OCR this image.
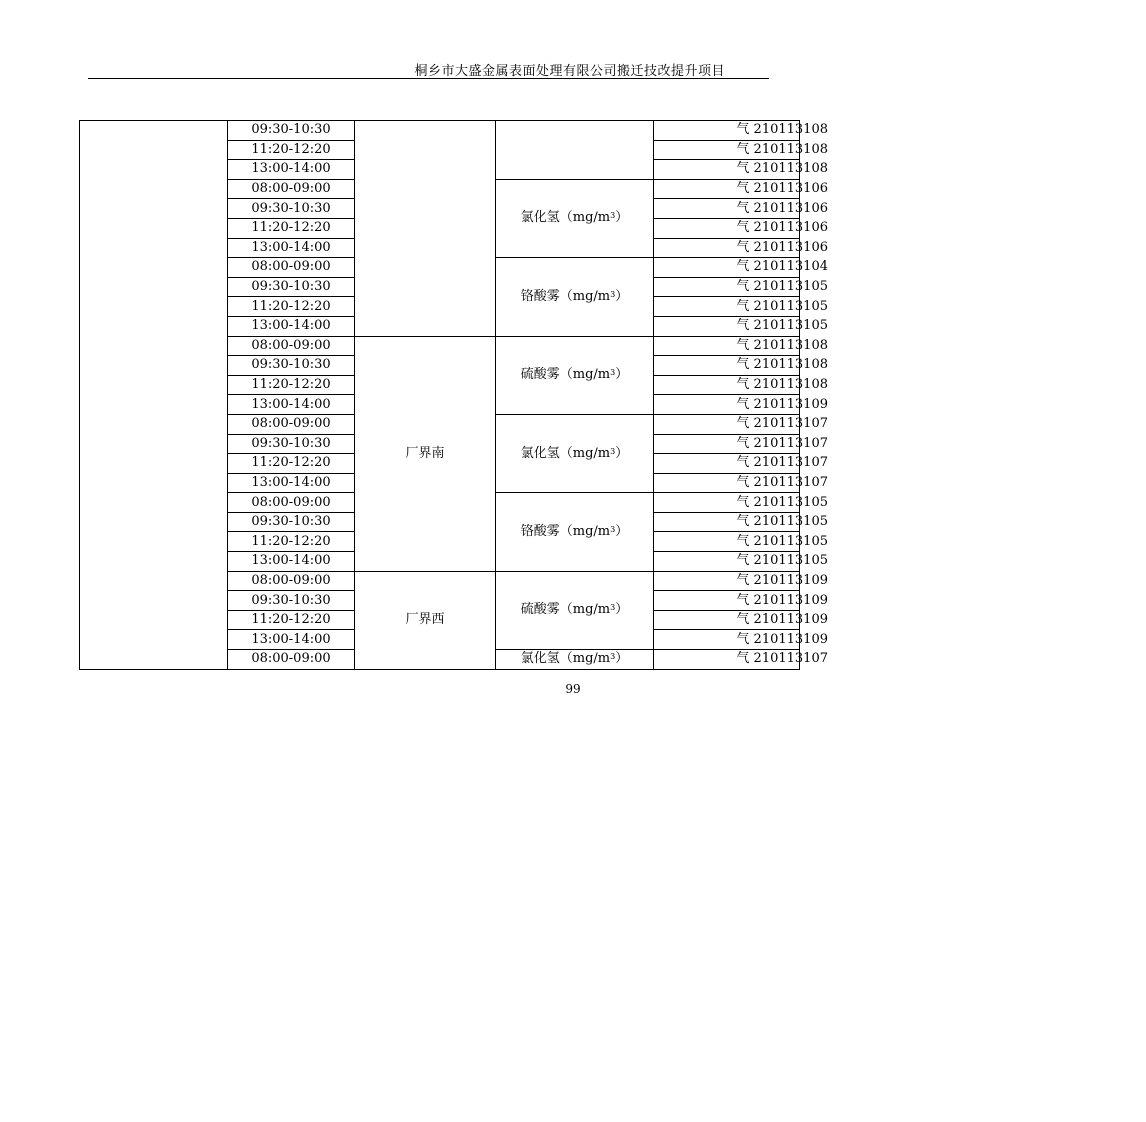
桐乡市大盛金属表面处理有限公司搬迁技改提升项目
	09:30-10:30			气 210113108
	11:20-12:20			气 210113108
	13:00-14:00			气 210113108
	08:00-09:00		氯化氢$(mg/m^3)$	气 210113106
	09:30-10:30			气 210113106
	11:20-12:20			气 210113106
	13:00-14:00			气 210113106
	08:00-09:00		铬酸雾$(mg/m^3)$	气 210113104
	09:30-10:30			气 210113105
	11:20-12:20			气 210113105
	13:00-14:00			气 210113105
	08:00-09:00	厂界南	硫酸雾$(mg/m^3)$	气 210113108
	09:30-10:30			气 210113108
	11:20-12:20			气 210113108
	13:00-14:00			气 210113109
	08:00-09:00		氯化氢$(mg/m^3)$	气 210113107
	09:30-10:30			气 210113107
	11:20-12:20			气 210113107
	13:00-14:00			气 210113107
	08:00-09:00		铬酸雾$(mg/m^3)$	气 210113105
	09:30-10:30			气 210113105
	11:20-12:20			气 210113105
	13:00-14:00			气 210113105
	08:00-09:00	厂界西	硫酸雾$(mg/m^3)$	气 210113109
	09:30-10:30			气 210113109
	11:20-12:20			气 210113109
	13:00-14:00			气 210113109
	08:00-09:00		氯化氢$(mg/m^3)$	气 210113107
99
